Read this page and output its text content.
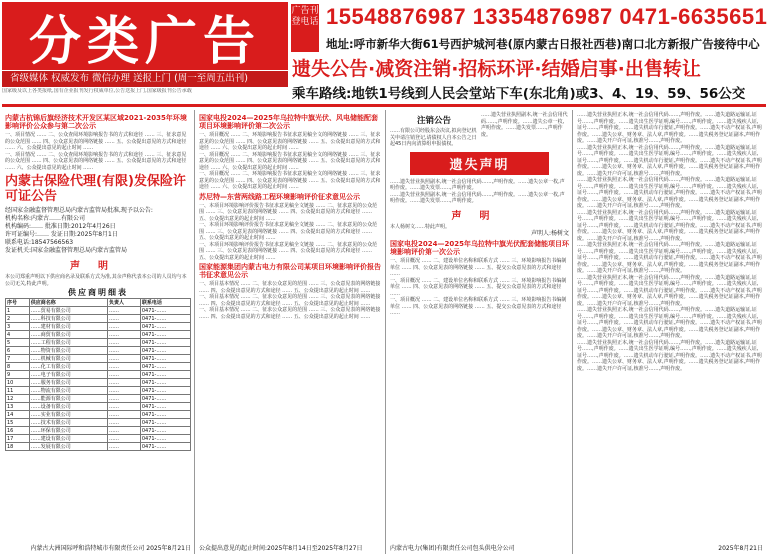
分类广告
省级媒体 权威发布 微信办理 送报上门 (周一至周五出刊)
国家级及以上各类报纸,国有企业报刊发行权威单位,公告送报上门,国家级报刊公告承载
广告刊登电话 15548876987 13354876987 0471-6635651
地址:呼市新华大街61号西护城河巷(原内蒙古日报社西巷)南口北方新报广告接待中心
遗失公告·减资注销·招标环评·结婚启事·出售转让
乘车路线:地铁1号线到人民会堂站下车(东北角)或3、4、19、59、56公交
内蒙古杭锦后旗经济技术开发区某区域2021-2035年环境影响评价公众参与第二次公示
一、项目情况 …… 二、公众查阅环境影响报告书的方式和途径 …… 三、征求意见的公众范围 …… 四、公众意见表的网络链接 …… 五、公众提出意见的方式和途径 …… 六、公众提出意见的起止时间 ……
一、项目情况 …… 二、公众查阅环境影响报告书的方式和途径 …… 三、征求意见的公众范围 …… 四、公众意见表的网络链接 …… 五、公众提出意见的方式和途径 …… 六、公众提出意见的起止时间 ……
内蒙古保险代理(有限)发保险许可证公告
经国家金融监督管理总局内蒙古监管局批准,现予以公告:
机构名称:内蒙古……有限公司
机构编码:…… 批准日期:2012年4月26日
许可证编号:…… 发证日期:2025年8月1日
联系电话:18547566563
发证机关:国家金融监督管理总局内蒙古监管局
声明
本公司郑重声明以下供应商名录及联系方式为准,其余声称代表本公司的人员均与本公司无关,特此声明。
供应商明细表
序号	供应商名称	负责人	联系电话
1	……贸易有限公司	……	0471-……
2	……科技有限公司	……	0471-……
3	……建材有限公司	……	0471-……
4	……商贸有限公司	……	0471-……
5	……工程有限公司	……	0471-……
6	……物资有限公司	……	0471-……
7	……机械有限公司	……	0471-……
8	……化工有限公司	……	0471-……
9	……电子有限公司	……	0471-……
10	……服务有限公司	……	0471-……
11	……物流有限公司	……	0471-……
12	……能源有限公司	……	0471-……
13	……设备有限公司	……	0471-……
14	……实业有限公司	……	0471-……
15	……技术有限公司	……	0471-……
16	……环保有限公司	……	0471-……
17	……建设有限公司	……	0471-……
18	……发展有限公司	……	0471-……
内蒙古大洲国际呼和浩特城市有限责任公司 2025年8月21日
国家电投2024—2025年乌拉特中旗光伏、风电储能配套项目环境影响评价第二次公示
一、项目概况 …… 二、环境影响报告书征求意见稿全文的网络链接 …… 三、征求意见的公众范围 …… 四、公众意见表的网络链接 …… 五、公众提出意见的方式和途径 …… 六、公众提出意见的起止时间 ……
一、项目概况 …… 二、环境影响报告书征求意见稿全文的网络链接 …… 三、征求意见的公众范围 …… 四、公众意见表的网络链接 …… 五、公众提出意见的方式和途径 …… 六、公众提出意见的起止时间 ……
一、项目概况 …… 二、环境影响报告书征求意见稿全文的网络链接 …… 三、征求意见的公众范围 …… 四、公众意见表的网络链接 …… 五、公众提出意见的方式和途径 …… 六、公众提出意见的起止时间 ……
苏尼特—东营两线路工程环境影响评价征求意见公示
一、本项目环境影响评价报告书征求意见稿全文链接 …… 二、征求意见的公众范围 …… 三、公众意见表的网络链接 …… 四、公众提出意见的方式和途径 …… 五、公众提出意见的起止时间 ……
一、本项目环境影响评价报告书征求意见稿全文链接 …… 二、征求意见的公众范围 …… 三、公众意见表的网络链接 …… 四、公众提出意见的方式和途径 …… 五、公众提出意见的起止时间 ……
一、本项目环境影响评价报告书征求意见稿全文链接 …… 二、征求意见的公众范围 …… 三、公众意见表的网络链接 …… 四、公众提出意见的方式和途径 …… 五、公众提出意见的起止时间 ……
国家能源集团内蒙古电力有限公司某项目环境影响评价报告书征求意见公示
一、项目基本情况 …… 二、征求公众意见的范围 …… 三、公众意见表的网络链接 …… 四、公众提出意见的方式和途径 …… 五、公众提出意见的起止时间 ……
一、项目基本情况 …… 二、征求公众意见的范围 …… 三、公众意见表的网络链接 …… 四、公众提出意见的方式和途径 …… 五、公众提出意见的起止时间 ……
一、项目基本情况 …… 二、征求公众意见的范围 …… 三、公众意见表的网络链接 …… 四、公众提出意见的方式和途径 …… 五、公众提出意见的起止时间 ……
公众提出意见的起止时间:2025年8月14日至2025年8月27日
注销公告
……有限公司经股东会决议,拟向登记机关申请注销登记,请债权人自本公告之日起45日内向清算组申报债权。
……遗失营业执照副本,统一社会信用代码……,声明作废。……遗失公章一枚,声明作废。……遗失发票……,声明作废。
遗失声明
……遗失营业执照副本,统一社会信用代码……,声明作废。……遗失公章一枚,声明作废。……遗失发票……,声明作废。
……遗失营业执照副本,统一社会信用代码……,声明作废。……遗失公章一枚,声明作废。……遗失发票……,声明作废。
声明
本人杨树文……特此声明。
声明人:杨树文
国家电投2024—2025年乌拉特中旗光伏配套储能项目环境影响评价第一次公示
一、项目概况 …… 二、建设单位名称和联系方式 …… 三、环境影响报告书编制单位 …… 四、公众意见表的网络链接 …… 五、提交公众意见表的方式和途径 ……
一、项目概况 …… 二、建设单位名称和联系方式 …… 三、环境影响报告书编制单位 …… 四、公众意见表的网络链接 …… 五、提交公众意见表的方式和途径 ……
一、项目概况 …… 二、建设单位名称和联系方式 …… 三、环境影响报告书编制单位 …… 四、公众意见表的网络链接 …… 五、提交公众意见表的方式和途径 ……
内蒙古电力(集团)有限责任公司包头供电分公司
……遗失营业执照正本,统一社会信用代码……,声明作废。……遗失道路运输证,证号……,声明作废。……遗失出生医学证明,编号……,声明作废。……遗失残疾人证,证号……,声明作废。……遗失机动车行驶证,声明作废。……遗失不动产权证书,声明作废。……遗失公章、财务章、法人章,声明作废。……遗失税务登记证副本,声明作废。……遗失开户许可证,核准号……,声明作废。
……遗失营业执照正本,统一社会信用代码……,声明作废。……遗失道路运输证,证号……,声明作废。……遗失出生医学证明,编号……,声明作废。……遗失残疾人证,证号……,声明作废。……遗失机动车行驶证,声明作废。……遗失不动产权证书,声明作废。……遗失公章、财务章、法人章,声明作废。……遗失税务登记证副本,声明作废。……遗失开户许可证,核准号……,声明作废。
……遗失营业执照正本,统一社会信用代码……,声明作废。……遗失道路运输证,证号……,声明作废。……遗失出生医学证明,编号……,声明作废。……遗失残疾人证,证号……,声明作废。……遗失机动车行驶证,声明作废。……遗失不动产权证书,声明作废。……遗失公章、财务章、法人章,声明作废。……遗失税务登记证副本,声明作废。……遗失开户许可证,核准号……,声明作废。
……遗失营业执照正本,统一社会信用代码……,声明作废。……遗失道路运输证,证号……,声明作废。……遗失出生医学证明,编号……,声明作废。……遗失残疾人证,证号……,声明作废。……遗失机动车行驶证,声明作废。……遗失不动产权证书,声明作废。……遗失公章、财务章、法人章,声明作废。……遗失税务登记证副本,声明作废。……遗失开户许可证,核准号……,声明作废。
……遗失营业执照正本,统一社会信用代码……,声明作废。……遗失道路运输证,证号……,声明作废。……遗失出生医学证明,编号……,声明作废。……遗失残疾人证,证号……,声明作废。……遗失机动车行驶证,声明作废。……遗失不动产权证书,声明作废。……遗失公章、财务章、法人章,声明作废。……遗失税务登记证副本,声明作废。……遗失开户许可证,核准号……,声明作废。
……遗失营业执照正本,统一社会信用代码……,声明作废。……遗失道路运输证,证号……,声明作废。……遗失出生医学证明,编号……,声明作废。……遗失残疾人证,证号……,声明作废。……遗失机动车行驶证,声明作废。……遗失不动产权证书,声明作废。……遗失公章、财务章、法人章,声明作废。……遗失税务登记证副本,声明作废。……遗失开户许可证,核准号……,声明作废。
……遗失营业执照正本,统一社会信用代码……,声明作废。……遗失道路运输证,证号……,声明作废。……遗失出生医学证明,编号……,声明作废。……遗失残疾人证,证号……,声明作废。……遗失机动车行驶证,声明作废。……遗失不动产权证书,声明作废。……遗失公章、财务章、法人章,声明作废。……遗失税务登记证副本,声明作废。……遗失开户许可证,核准号……,声明作废。
……遗失营业执照正本,统一社会信用代码……,声明作废。……遗失道路运输证,证号……,声明作废。……遗失出生医学证明,编号……,声明作废。……遗失残疾人证,证号……,声明作废。……遗失机动车行驶证,声明作废。……遗失不动产权证书,声明作废。……遗失公章、财务章、法人章,声明作废。……遗失税务登记证副本,声明作废。……遗失开户许可证,核准号……,声明作废。
2025年8月21日
